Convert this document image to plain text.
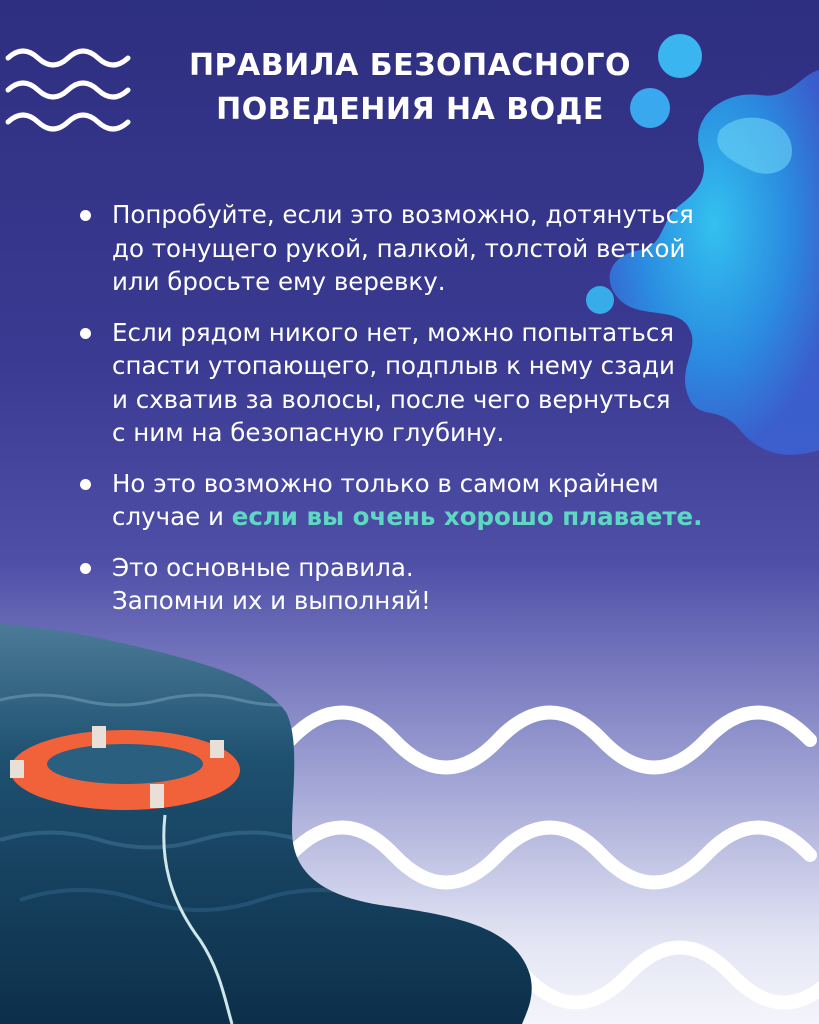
ПРАВИЛА БЕЗОПАСНОГО
ПОВЕДЕНИЯ НА ВОДЕ
Попробуйте, если это возможно, дотянуться
до тонущего рукой, палкой, толстой веткой
или бросьте ему веревку.
Если рядом никого нет, можно попытаться
спасти утопающего, подплыв к нему сзади
и схватив за волосы, после чего вернуться
с ним на безопасную глубину.
Но это возможно только в самом крайнем
случае и если вы очень хорошо плаваете.
Это основные правила.
Запомни их и выполняй!
